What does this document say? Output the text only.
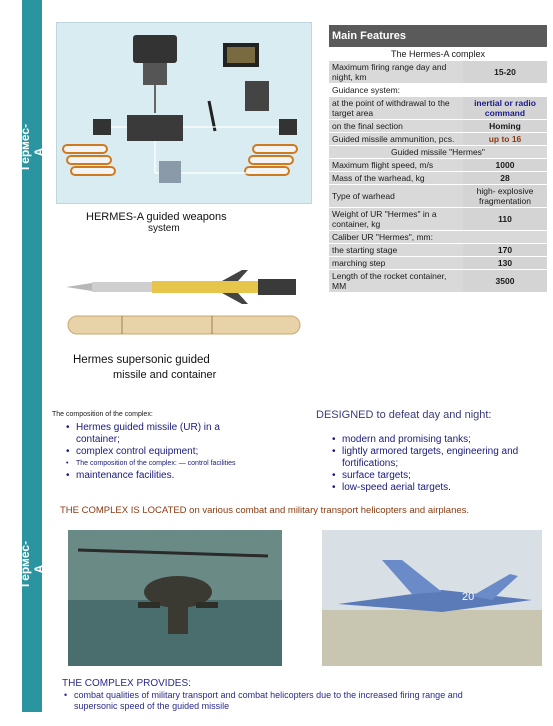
Гермес-А
Гермес-А
HERMES-A guided weapons
system
Hermes supersonic guided
missile and container
Main Features	
The Hermes-A complex	
Maximum firing range day and night, km	15-20
Guidance system:	
at the point of withdrawal to the target area	inertial or radio command
on the final section	Homing
Guided missile ammunition, pcs.	up to 16
Guided missile "Hermes"	
Maximum flight speed, m/s	1000
Mass of the warhead, kg	28
Type of warhead	high- explosive fragmentation
Weight of UR "Hermes" in a container, kg	110
Caliber UR "Hermes", mm:	
the starting stage	170
marching step	130
Length of the rocket container, MM	3500
The composition of the complex:
• Hermes guided missile (UR) in a container;
• complex control equipment;
• The composition of the complex: — control facilities
• maintenance facilities.
DESIGNED to defeat day and night:
• modern and promising tanks;
• lightly armored targets, engineering and fortifications;
• surface targets;
• low-speed aerial targets.
THE COMPLEX IS LOCATED on various combat and military transport helicopters and airplanes.
20
THE COMPLEX PROVIDES:
• combat qualities of military transport and combat helicopters due to the increased firing range and supersonic speed of the guided missile
